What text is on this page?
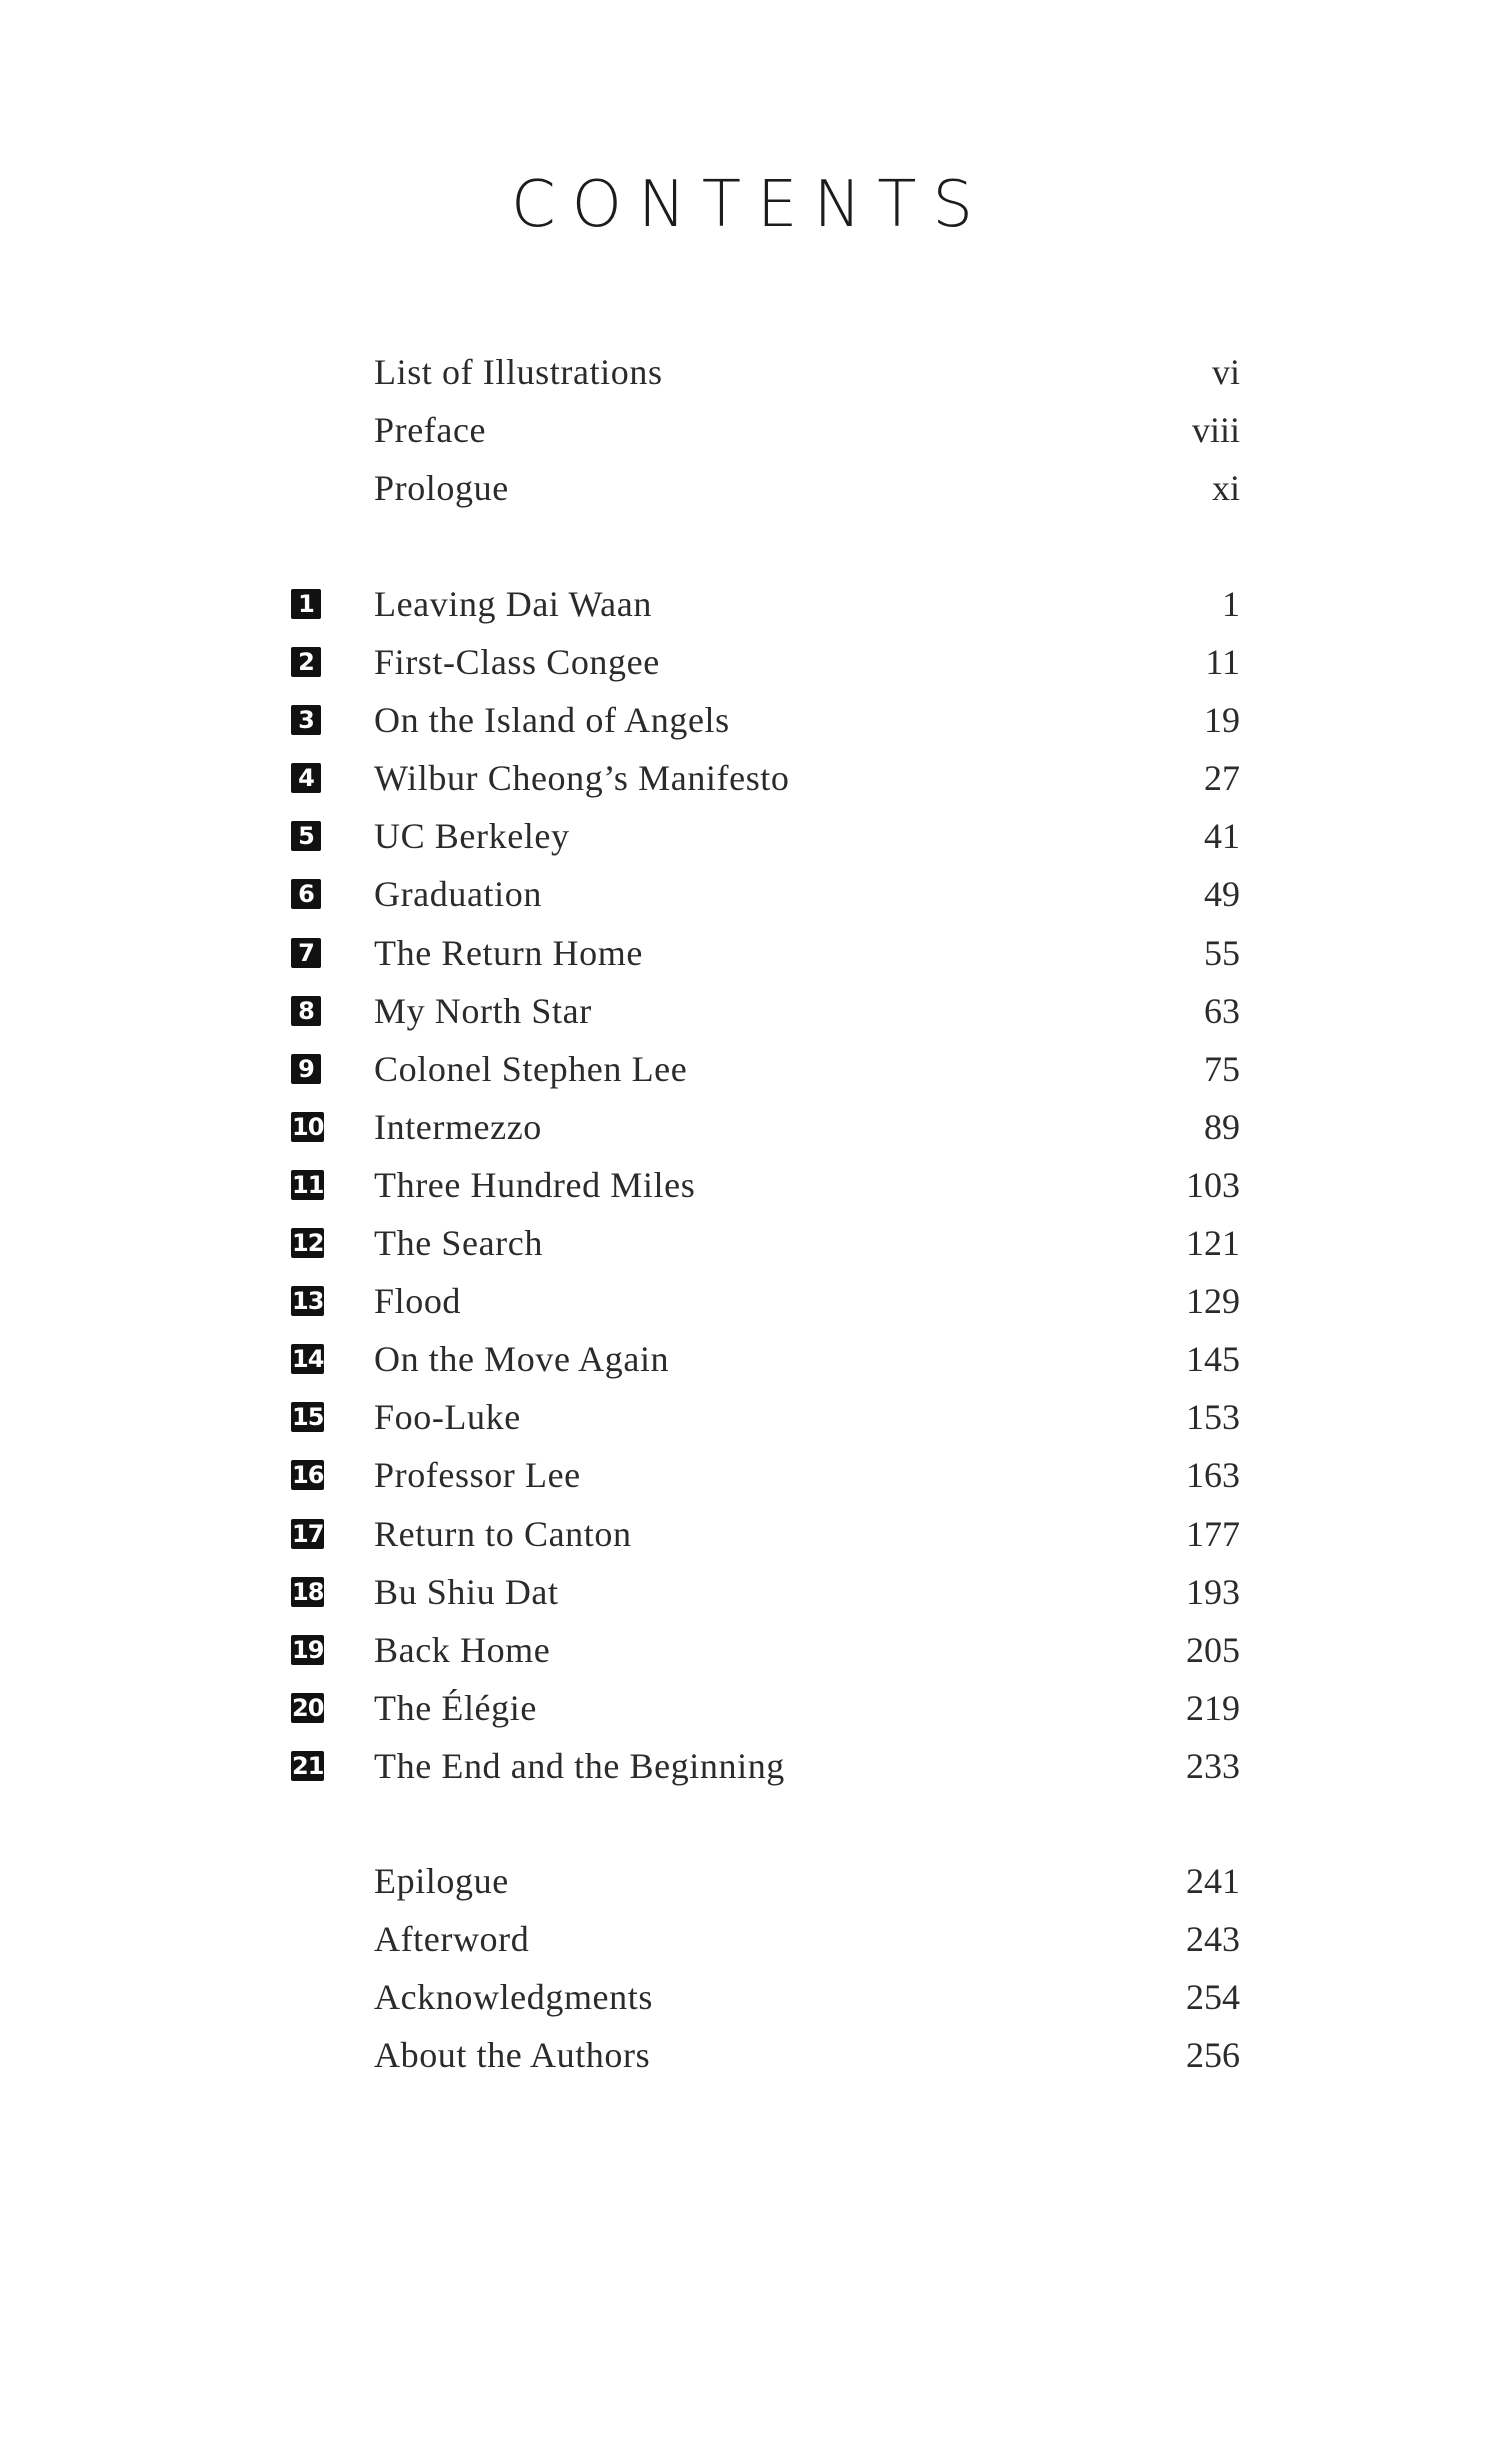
CONTENTS
List of Illustrations	vi
Preface	viii
Prologue	xi
1 Leaving Dai Waan	1
2 First-Class Congee	11
3 On the Island of Angels	19
4 Wilbur Cheong’s Manifesto	27
5 UC Berkeley	41
6 Graduation	49
7 The Return Home	55
8 My North Star	63
9 Colonel Stephen Lee	75
10 Intermezzo	89
11 Three Hundred Miles	103
12 The Search	121
13 Flood	129
14 On the Move Again	145
15 Foo-Luke	153
16 Professor Lee	163
17 Return to Canton	177
18 Bu Shiu Dat	193
19 Back Home	205
20 The Élégie	219
21 The End and the Beginning	233
Epilogue	241
Afterword	243
Acknowledgments	254
About the Authors	256
